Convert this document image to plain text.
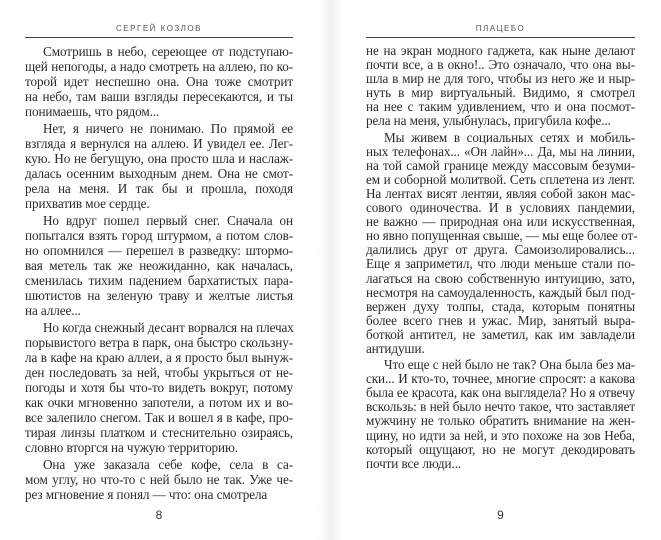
СЕРГЕЙ КОЗЛОВ
Смотришь в небо, сереющее от подступаю-
щей непогоды, а надо смотреть на аллею, по ко-
торой идет неспешно она. Она тоже смотрит
на небо, там ваши взгляды пересекаются, и ты
понимаешь, что рядом...
Нет, я ничего не понимаю. По прямой ее
взгляда я вернулся на аллею. И увидел ее. Лег-
кую. Но не бегущую, она просто шла и наслаж-
далась осенним выходным днем. Она не смот-
рела на меня. И так бы и прошла, походя
прихватив мое сердце.
Но вдруг пошел первый снег. Сначала он
попытался взять город штурмом, а потом слов-
но опомнился — перешел в разведку: штормо-
вая метель так же неожиданно, как началась,
сменилась тихим падением бархатистых пара-
шютистов на зеленую траву и желтые листья
на аллее...
Но когда снежный десант ворвался на плечах
порывистого ветра в парк, она быстро скользну-
ла в кафе на краю аллеи, а я просто был вынуж-
ден последовать за ней, чтобы укрыться от не-
погоды и хотя бы что-то видеть вокруг, потому
как очки мгновенно запотели, а потом их и во-
все залепило снегом. Так и вошел я в кафе, про-
тирая линзы платком и стеснительно озираясь,
словно вторгся на чужую территорию.
Она уже заказала себе кофе, села в са-
мом углу, но что-то с ней было не так. Уже че-
рез мгновение я понял — что: она смотрела
8
ПЛАЦЕБО
не на экран модного гаджета, как ныне делают
почти все, а в окно!.. Это означало, что она вы-
шла в мир не для того, чтобы из него же и ныр-
нуть в мир виртуальный. Видимо, я смотрел
на нее с таким удивлением, что и она посмот-
рела на меня, улыбнулась, пригубила кофе...
Мы живем в социальных сетях и мобиль-
ных телефонах... «Он лайн»... Да, мы на линии,
на той самой границе между массовым безуми-
ем и соборной молитвой. Сеть сплетена из лент.
На лентах висят лентяи, являя собой закон мас-
сового одиночества. И в условиях пандемии,
не важно — природная она или искусственная,
но явно попущенная свыше, — мы еще более от-
далились друг от друга. Самоизолировались...
Еще я заприметил, что люди меньше стали по-
лагаться на свою собственную интуицию, зато,
несмотря на самоудаленность, каждый был под-
вержен духу толпы, стада, которым понятны
более всего гнев и ужас. Мир, занятый выра-
боткой антител, не заметил, как им завладели
антидуши.
Что еще с ней было не так? Она была без ма-
ски... И кто-то, точнее, многие спросят: а какова
была ее красота, как она выглядела? Но я отвечу
вскользь: в ней было нечто такое, что заставляет
мужчину не только обратить внимание на жен-
щину, но идти за ней, и это похоже на зов Неба,
который ощущают, но не могут декодировать
почти все люди...
9
